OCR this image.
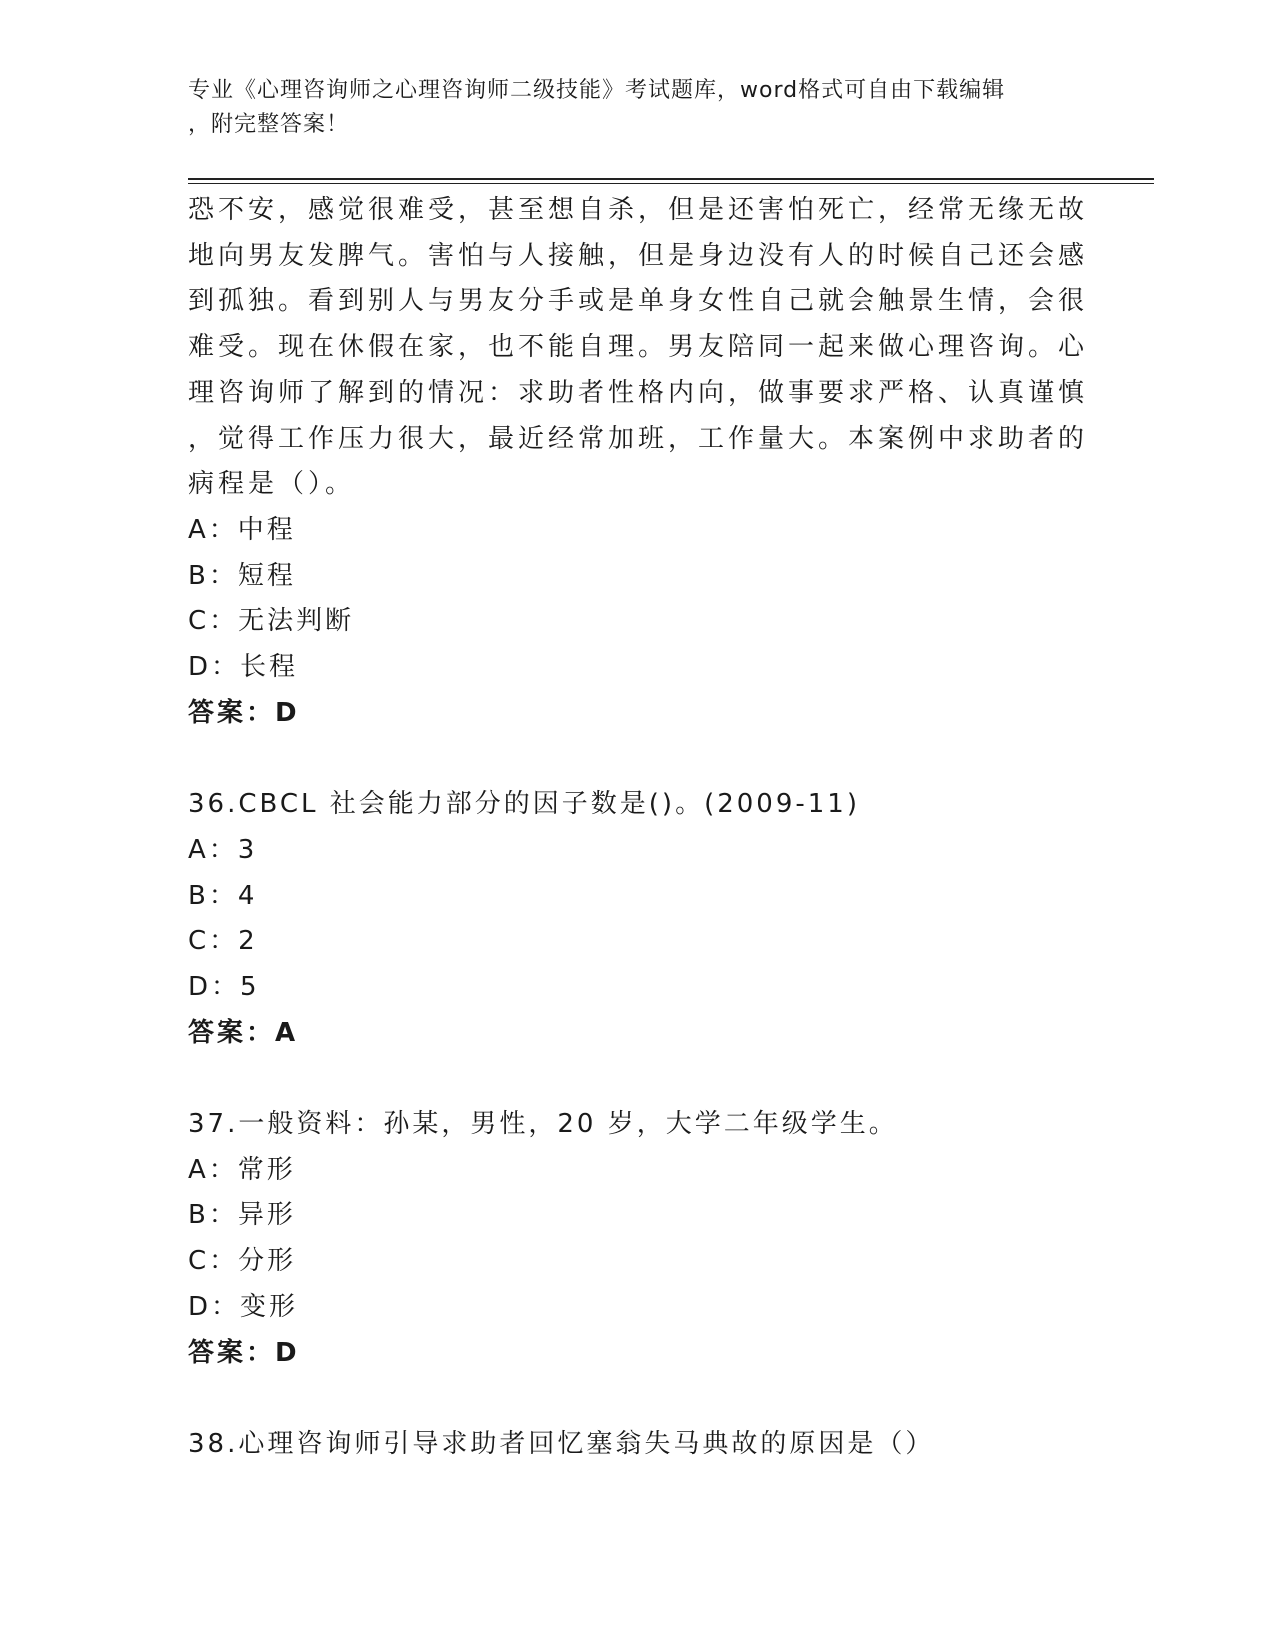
专业《心理咨询师之心理咨询师二级技能》考试题库，word格式可自由下载编辑
，附完整答案！
恐不安，感觉很难受，甚至想自杀，但是还害怕死亡，经常无缘无故
地向男友发脾气。害怕与人接触，但是身边没有人的时候自己还会感
到孤独。看到别人与男友分手或是单身女性自己就会触景生情，会很
难受。现在休假在家，也不能自理。男友陪同一起来做心理咨询。心
理咨询师了解到的情况：求助者性格内向，做事要求严格、认真谨慎
，觉得工作压力很大，最近经常加班，工作量大。本案例中求助者的
病程是（）。
A：中程
B：短程
C：无法判断
D：长程
答案：D
36.CBCL 社会能力部分的因子数是()。(2009-11)
A：3
B：4
C：2
D：5
答案：A
37.一般资料：孙某，男性，20 岁，大学二年级学生。
A：常形
B：异形
C：分形
D：变形
答案：D
38.心理咨询师引导求助者回忆塞翁失马典故的原因是（）
